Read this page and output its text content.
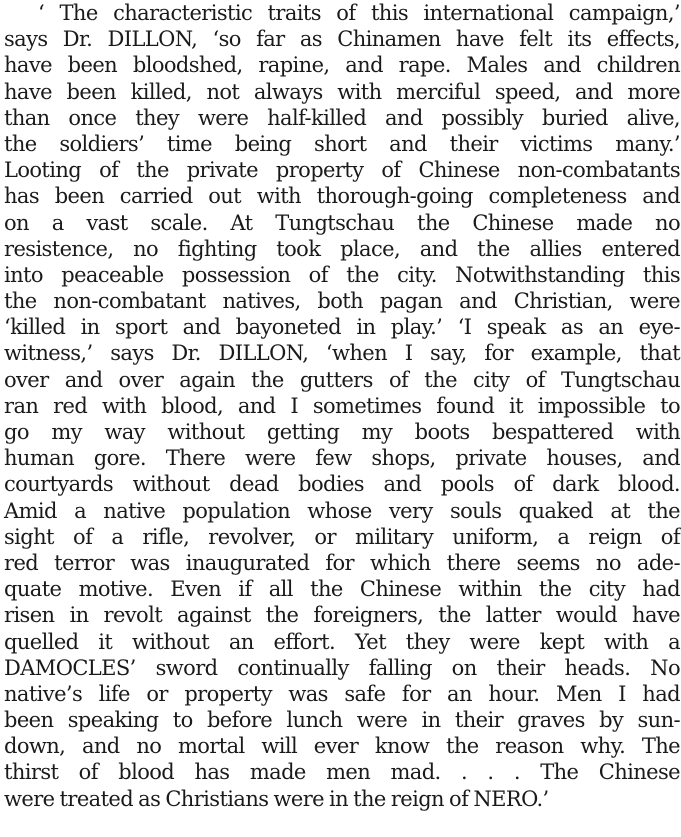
‘ The characteristic traits of this international campaign,’
says Dr. DILLON, ‘so far as Chinamen have felt its effects,
have been bloodshed, rapine, and rape. Males and children
have been killed, not always with merciful speed, and more
than once they were half-killed and possibly buried alive,
the soldiers’ time being short and their victims many.’
Looting of the private property of Chinese non-combatants
has been carried out with thorough-going completeness and
on a vast scale. At Tungtschau the Chinese made no
resistence, no fighting took place, and the allies entered
into peaceable possession of the city. Notwithstanding this
the non-combatant natives, both pagan and Christian, were
‘killed in sport and bayoneted in play.’ ‘I speak as an eye-
witness,’ says Dr. DILLON, ‘when I say, for example, that
over and over again the gutters of the city of Tungtschau
ran red with blood, and I sometimes found it impossible to
go my way without getting my boots bespattered with
human gore. There were few shops, private houses, and
courtyards without dead bodies and pools of dark blood.
Amid a native population whose very souls quaked at the
sight of a rifle, revolver, or military uniform, a reign of
red terror was inaugurated for which there seems no ade-
quate motive. Even if all the Chinese within the city had
risen in revolt against the foreigners, the latter would have
quelled it without an effort. Yet they were kept with a
DAMOCLES’ sword continually falling on their heads. No
native’s life or property was safe for an hour. Men I had
been speaking to before lunch were in their graves by sun-
down, and no mortal will ever know the reason why. The
thirst of blood has made men mad. . . . The Chinese
were treated as Christians were in the reign of NERO.’
